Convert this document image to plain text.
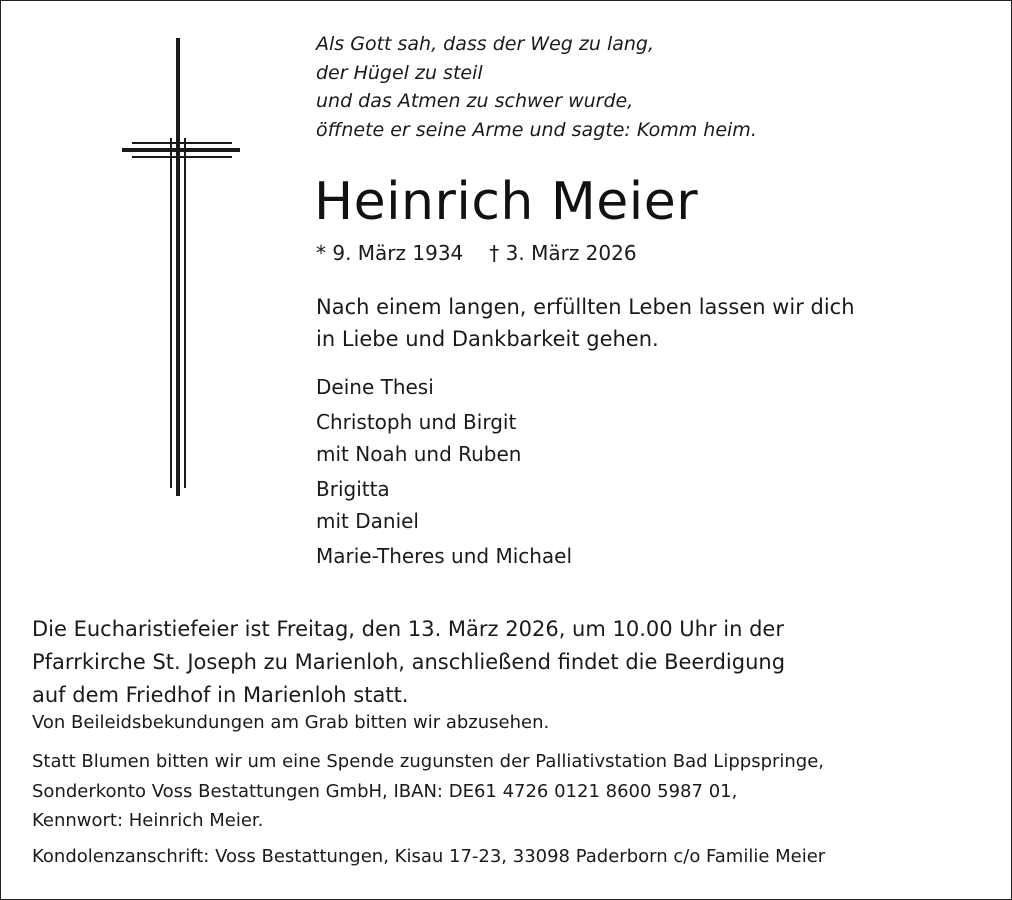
Als Gott sah, dass der Weg zu lang,
der Hügel zu steil
und das Atmen zu schwer wurde,
öffnete er seine Arme und sagte: Komm heim.
Heinrich Meier
* 9. März 1934 † 3. März 2026
Nach einem langen, erfüllten Leben lassen wir dich
in Liebe und Dankbarkeit gehen.
Deine Thesi
Christoph und Birgit
mit Noah und Ruben
Brigitta
mit Daniel
Marie-Theres und Michael
Die Eucharistiefeier ist Freitag, den 13. März 2026, um 10.00 Uhr in der
Pfarrkirche St. Joseph zu Marienloh, anschließend findet die Beerdigung
auf dem Friedhof in Marienloh statt.
Von Beileidsbekundungen am Grab bitten wir abzusehen.
Statt Blumen bitten wir um eine Spende zugunsten der Palliativstation Bad Lippspringe,
Sonderkonto Voss Bestattungen GmbH, IBAN: DE61 4726 0121 8600 5987 01,
Kennwort: Heinrich Meier.
Kondolenzanschrift: Voss Bestattungen, Kisau 17-23, 33098 Paderborn c/o Familie Meier
